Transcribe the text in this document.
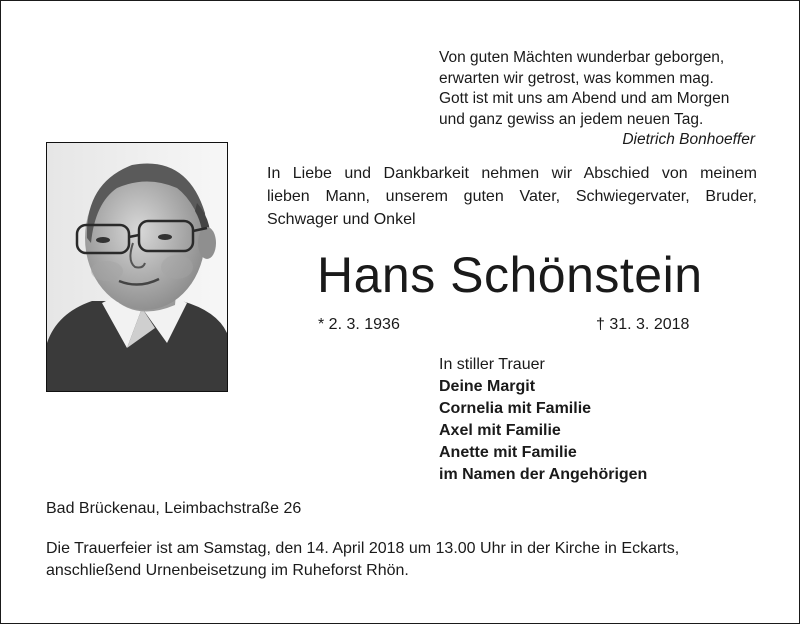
Von guten Mächten wunderbar geborgen,
erwarten wir getrost, was kommen mag.
Gott ist mit uns am Abend und am Morgen
und ganz gewiss an jedem neuen Tag.
Dietrich Bonhoeffer
In Liebe und Dankbarkeit nehmen wir Abschied von meinem
lieben Mann, unserem guten Vater, Schwiegervater, Bruder,
Schwager und Onkel
Hans Schönstein
* 2. 3. 1936	† 31. 3. 2018
In stiller Trauer
Deine Margit
Cornelia mit Familie
Axel mit Familie
Anette mit Familie
im Namen der Angehörigen
Bad Brückenau, Leimbachstraße 26
Die Trauerfeier ist am Samstag, den 14. April 2018 um 13.00 Uhr in der Kirche in Eckarts,
anschließend Urnenbeisetzung im Ruheforst Rhön.
